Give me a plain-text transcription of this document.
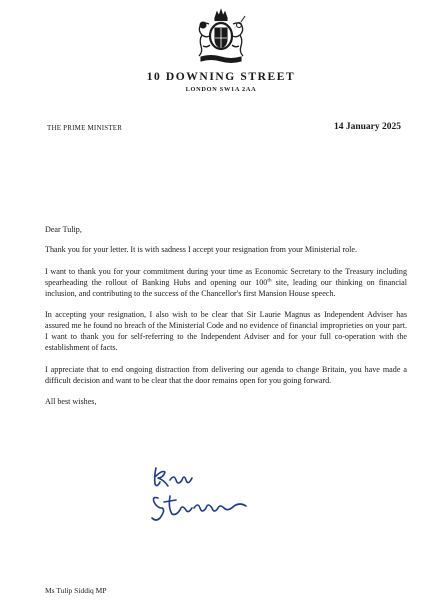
10 DOWNING STREET
LONDON SW1A 2AA
THE PRIME MINISTER	14 January 2025

Dear Tulip,

Thank you for your letter. It is with sadness I accept your resignation from your Ministerial role.

I want to thank you for your commitment during your time as Economic Secretary to the Treasury including spearheading the rollout of Banking Hubs and opening our 100th site, leading our thinking on financial inclusion, and contributing to the success of the Chancellor's first Mansion House speech.

In accepting your resignation, I also wish to be clear that Sir Laurie Magnus as Independent Adviser has assured me he found no breach of the Ministerial Code and no evidence of financial improprieties on your part. I want to thank you for self-referring to the Independent Adviser and for your full co-operation with the establishment of facts.

I appreciate that to end ongoing distraction from delivering our agenda to change Britain, you have made a difficult decision and want to be clear that the door remains open for you going forward.

All best wishes,

Ms Tulip Siddiq MP
